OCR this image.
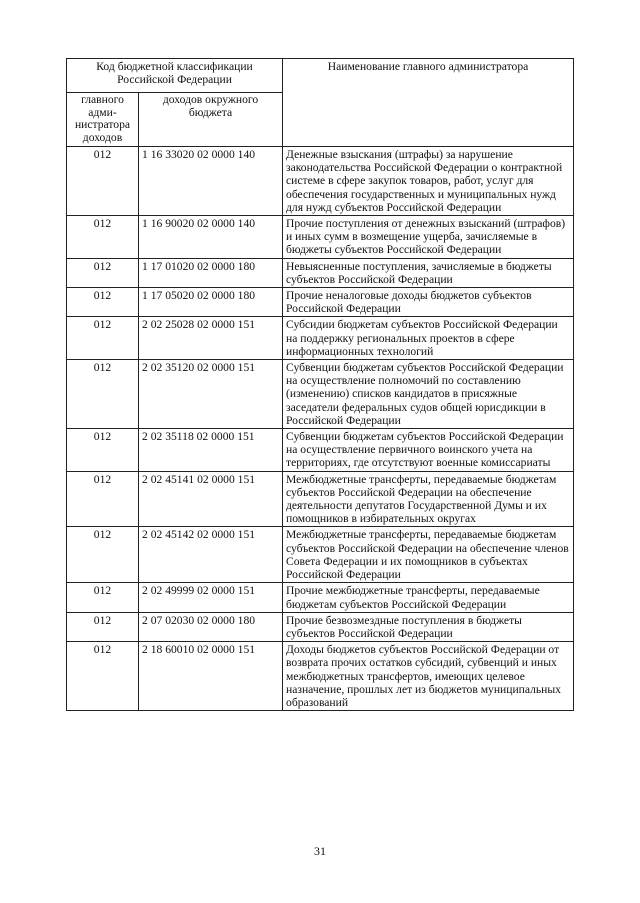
Код бюджетной классификации Российской Федерации		Наименование главного администратора
главного адми-нистратора доходов	доходов окружного бюджета	
012	1 16 33020 02 0000 140	Денежные взыскания (штрафы) за нарушение законодательства Российской Федерации о контрактной системе в сфере закупок товаров, работ, услуг для обеспечения государственных и муниципальных нужд для нужд субъектов Российской Федерации
012	1 16 90020 02 0000 140	Прочие поступления от денежных взысканий (штрафов) и иных сумм в возмещение ущерба, зачисляемые в бюджеты субъектов Российской Федерации
012	1 17 01020 02 0000 180	Невыясненные поступления, зачисляемые в бюджеты субъектов Российской Федерации
012	1 17 05020 02 0000 180	Прочие неналоговые доходы бюджетов субъектов Российской Федерации
012	2 02 25028 02 0000 151	Субсидии бюджетам субъектов Российской Федерации на поддержку региональных проектов в сфере информационных технологий
012	2 02 35120 02 0000 151	Субвенции бюджетам субъектов Российской Федерации на осуществление полномочий по составлению (изменению) списков кандидатов в присяжные заседатели федеральных судов общей юрисдикции в Российской Федерации
012	2 02 35118 02 0000 151	Субвенции бюджетам субъектов Российской Федерации на осуществление первичного воинского учета на территориях, где отсутствуют военные комиссариаты
012	2 02 45141 02 0000 151	Межбюджетные трансферты, передаваемые бюджетам субъектов Российской Федерации на обеспечение деятельности депутатов Государственной Думы и их помощников в избирательных округах
012	2 02 45142 02 0000 151	Межбюджетные трансферты, передаваемые бюджетам субъектов Российской Федерации на обеспечение членов Совета Федерации и их помощников в субъектах Российской Федерации
012	2 02 49999 02 0000 151	Прочие межбюджетные трансферты, передаваемые бюджетам субъектов Российской Федерации
012	2 07 02030 02 0000 180	Прочие безвозмездные поступления в бюджеты субъектов Российской Федерации
012	2 18 60010 02 0000 151	Доходы бюджетов субъектов Российской Федерации от возврата прочих остатков субсидий, субвенций и иных межбюджетных трансфертов, имеющих целевое назначение, прошлых лет из бюджетов муниципальных образований
31
